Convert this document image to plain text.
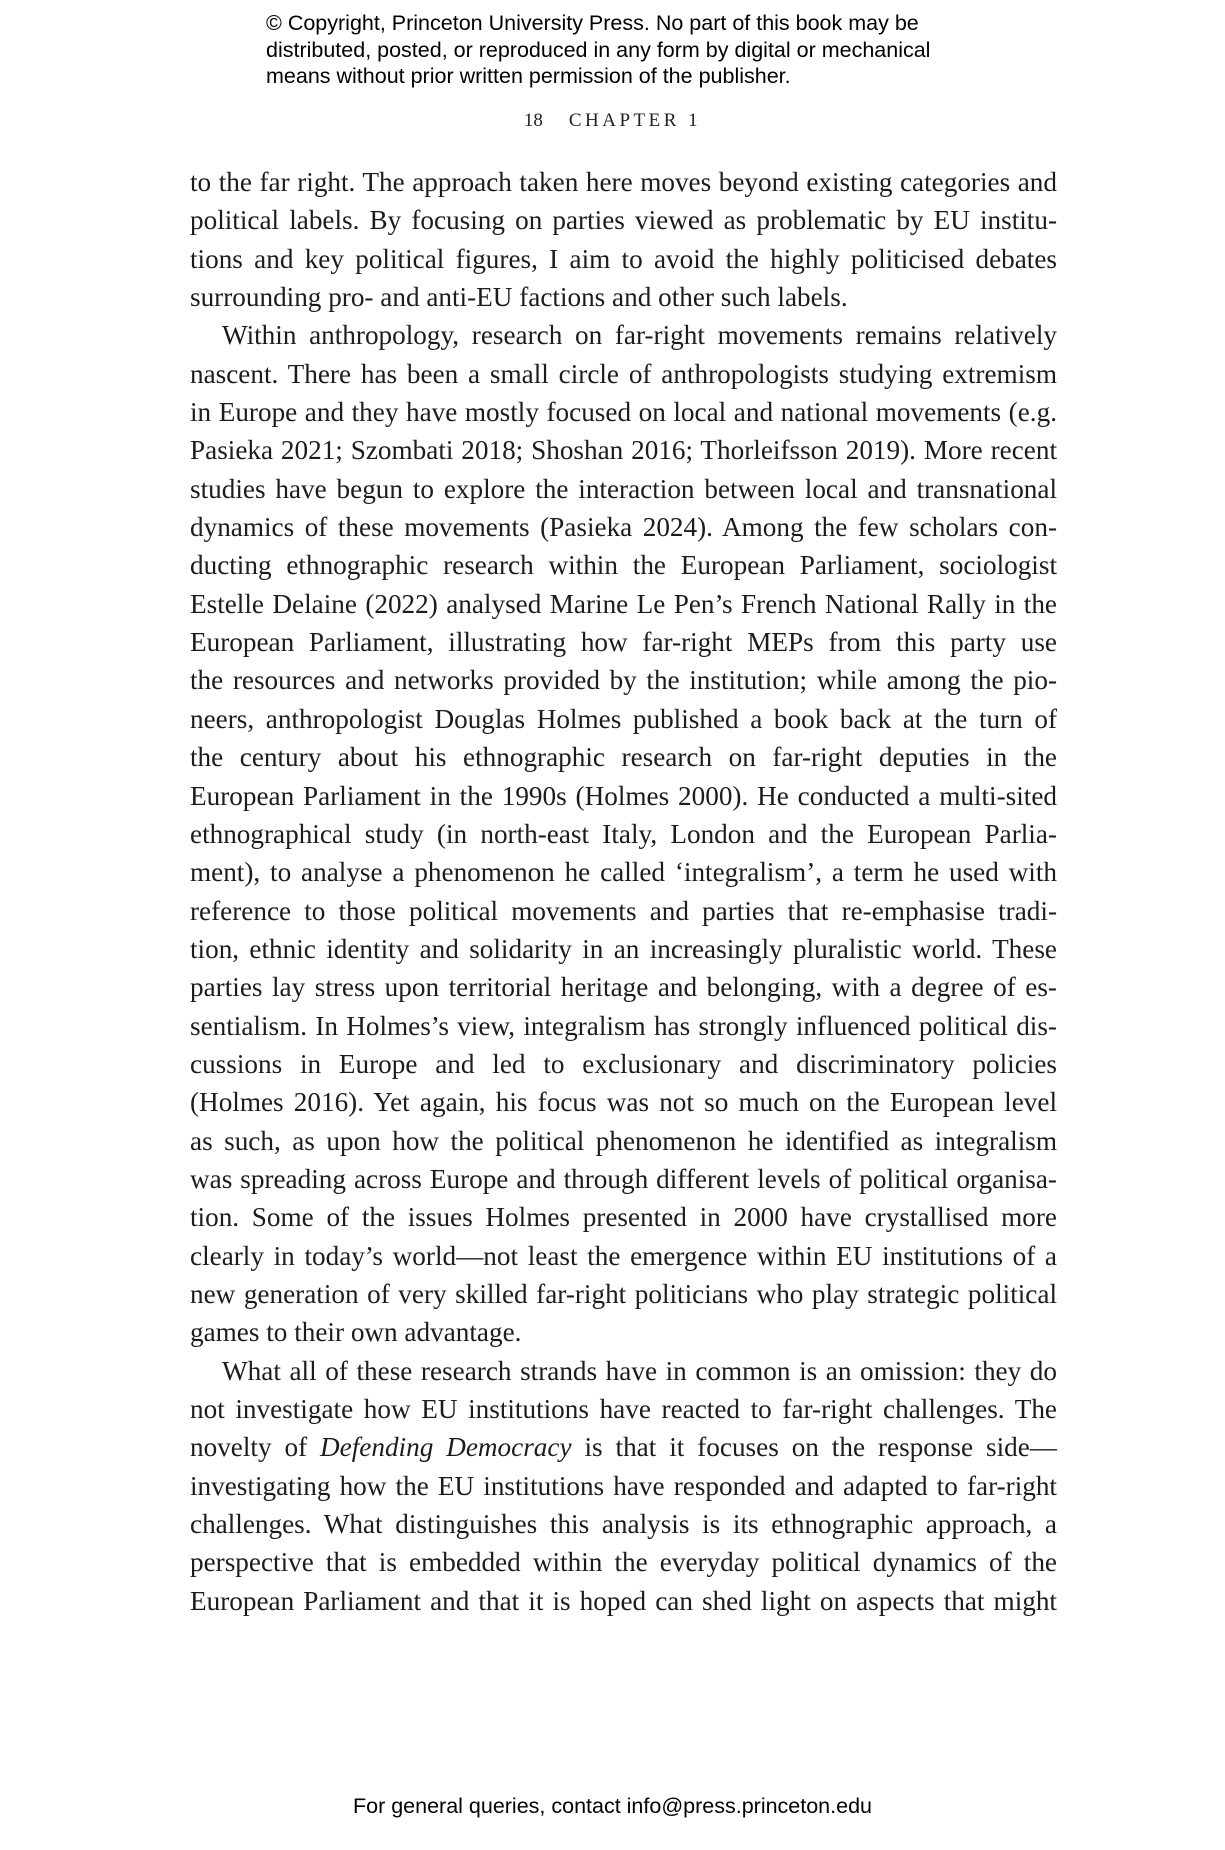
© Copyright, Princeton University Press. No part of this book may be
distributed, posted, or reproduced in any form by digital or mechanical
means without prior written permission of the publisher.
18 CHAPTER 1
to the far right. The approach taken here moves beyond existing categories and
political labels. By focusing on parties viewed as problematic by EU institu-
tions and key political figures, I aim to avoid the highly politicised debates
surrounding pro- and anti-EU factions and other such labels.
Within anthropology, research on far-right movements remains relatively
nascent. There has been a small circle of anthropologists studying extremism
in Europe and they have mostly focused on local and national movements (e.g.
Pasieka 2021; Szombati 2018; Shoshan 2016; Thorleifsson 2019). More recent
studies have begun to explore the interaction between local and transnational
dynamics of these movements (Pasieka 2024). Among the few scholars con-
ducting ethnographic research within the European Parliament, sociologist
Estelle Delaine (2022) analysed Marine Le Pen’s French National Rally in the
European Parliament, illustrating how far-right MEPs from this party use
the resources and networks provided by the institution; while among the pio-
neers, anthropologist Douglas Holmes published a book back at the turn of
the century about his ethnographic research on far-right deputies in the
European Parliament in the 1990s (Holmes 2000). He conducted a multi-sited
ethnographical study (in north-east Italy, London and the European Parlia-
ment), to analyse a phenomenon he called ‘integralism’, a term he used with
reference to those political movements and parties that re-emphasise tradi-
tion, ethnic identity and solidarity in an increasingly pluralistic world. These
parties lay stress upon territorial heritage and belonging, with a degree of es-
sentialism. In Holmes’s view, integralism has strongly influenced political dis-
cussions in Europe and led to exclusionary and discriminatory policies
(Holmes 2016). Yet again, his focus was not so much on the European level
as such, as upon how the political phenomenon he identified as integralism
was spreading across Europe and through different levels of political organisa-
tion. Some of the issues Holmes presented in 2000 have crystallised more
clearly in today’s world—not least the emergence within EU institutions of a
new generation of very skilled far-right politicians who play strategic political
games to their own advantage.
What all of these research strands have in common is an omission: they do
not investigate how EU institutions have reacted to far-right challenges. The
novelty of Defending Democracy is that it focuses on the response side—
investigating how the EU institutions have responded and adapted to far-right
challenges. What distinguishes this analysis is its ethnographic approach, a
perspective that is embedded within the everyday political dynamics of the
European Parliament and that it is hoped can shed light on aspects that might
For general queries, contact info@press.princeton.edu
